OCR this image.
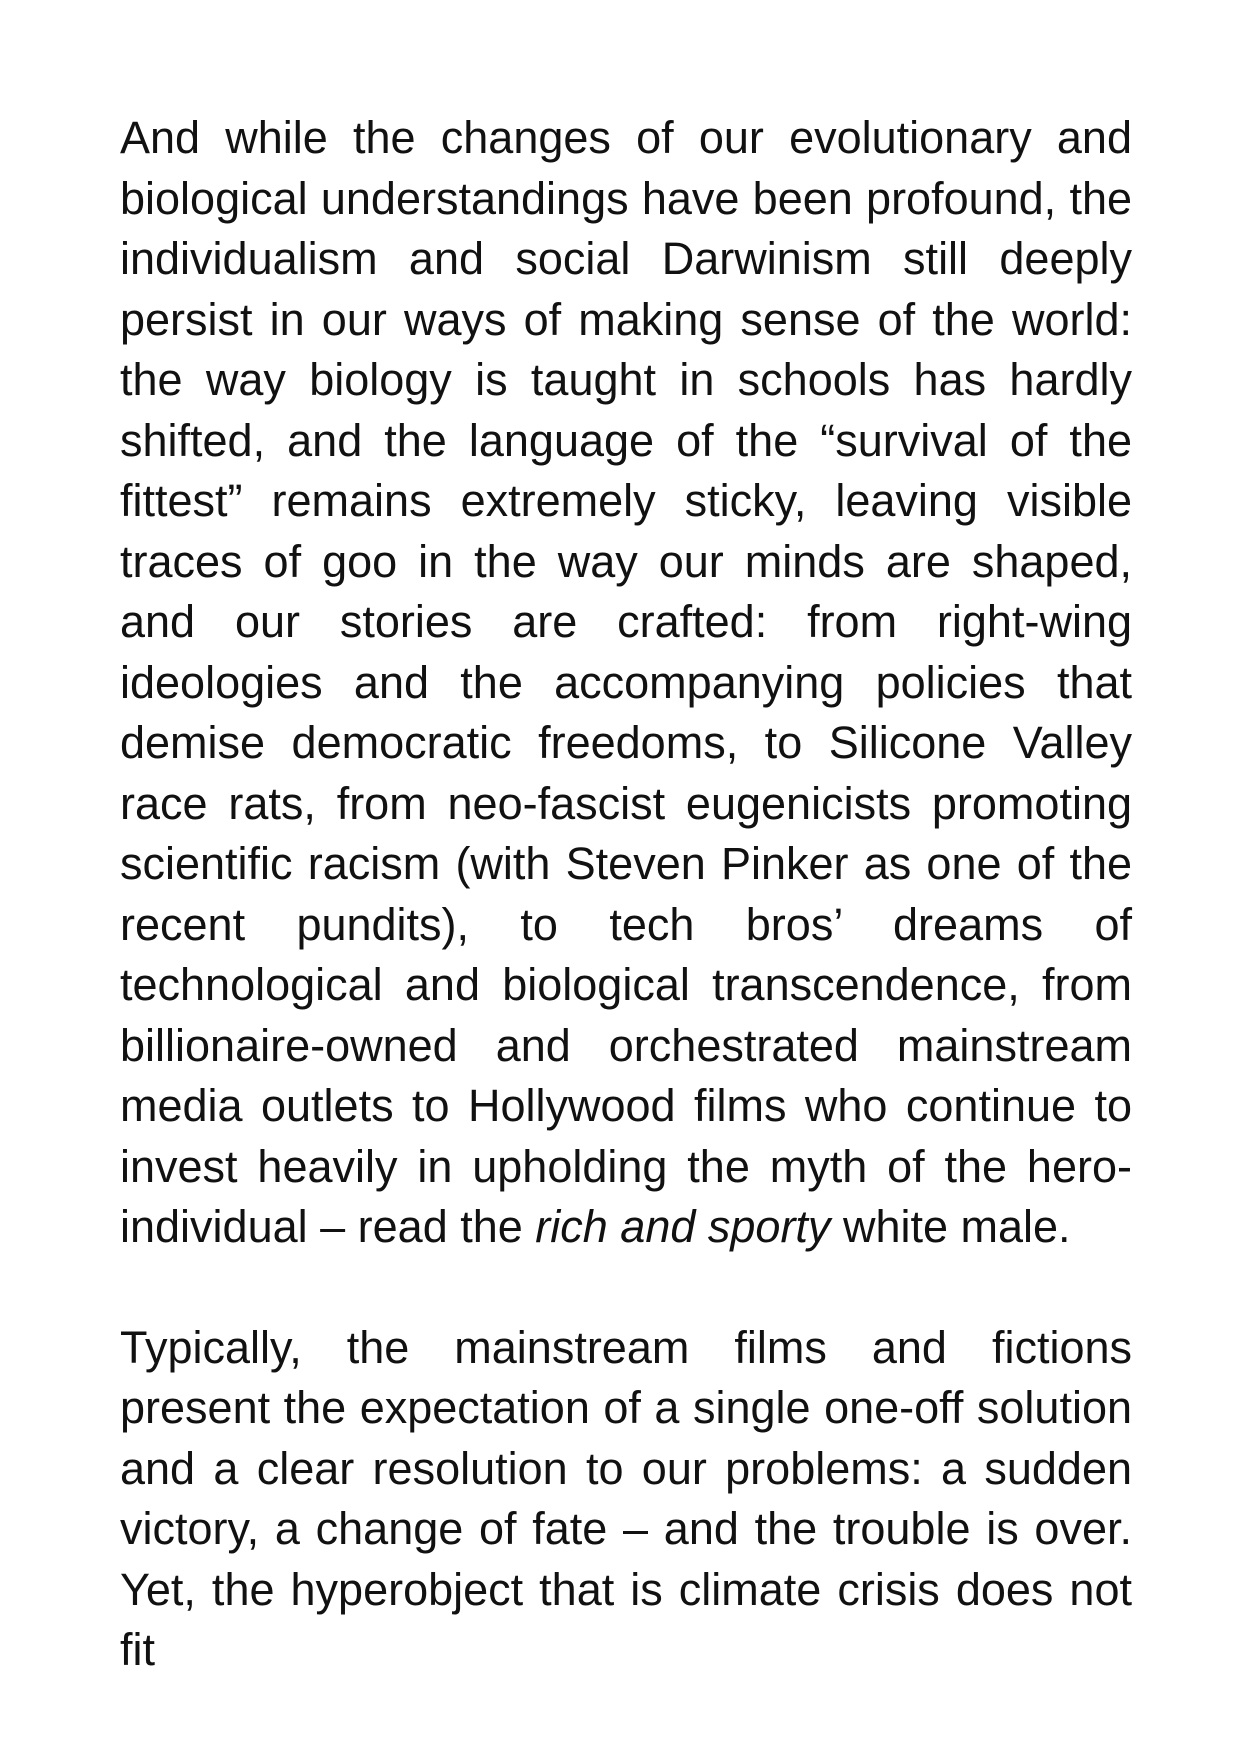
And while the changes of our evolutionary and biological understandings have been profound, the individualism and social Darwinism still deeply persist in our ways of making sense of the world: the way biology is taught in schools has hardly shifted, and the language of the “survival of the fittest” remains extremely sticky, leaving visible traces of goo in the way our minds are shaped, and our stories are crafted: from right-wing ideologies and the accompanying policies that demise democratic freedoms, to Silicone Valley race rats, from neo-fascist eugenicists promoting scientific racism (with Steven Pinker as one of the recent pundits), to tech bros’ dreams of technological and biological transcendence, from billionaire-owned and orchestrated mainstream media outlets to Hollywood films who continue to invest heavily in upholding the myth of the hero-individual – read the rich and sporty white male.

Typically, the mainstream films and fictions present the expectation of a single one-off solution and a clear resolution to our problems: a sudden victory, a change of fate – and the trouble is over. Yet, the hyperobject that is climate crisis does not fit
